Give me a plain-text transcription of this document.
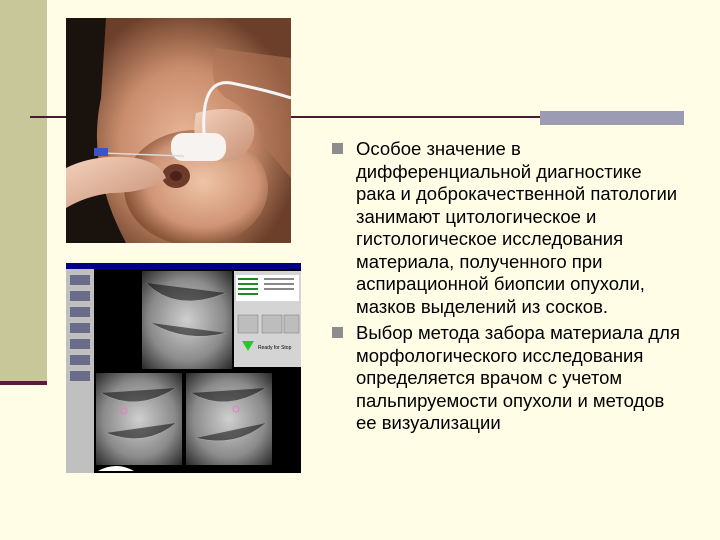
Ready for Stop
Особое значение в дифференциальной диагностике рака и доброкачественной патологии занимают цитологическое и гистологическое исследования материала, полученного при аспирационной биопсии опухоли, мазков выделений из сосков.
Выбор метода забора материала для морфологического исследования определяется врачом с учетом пальпируемости опухоли и методов ее визуализации
